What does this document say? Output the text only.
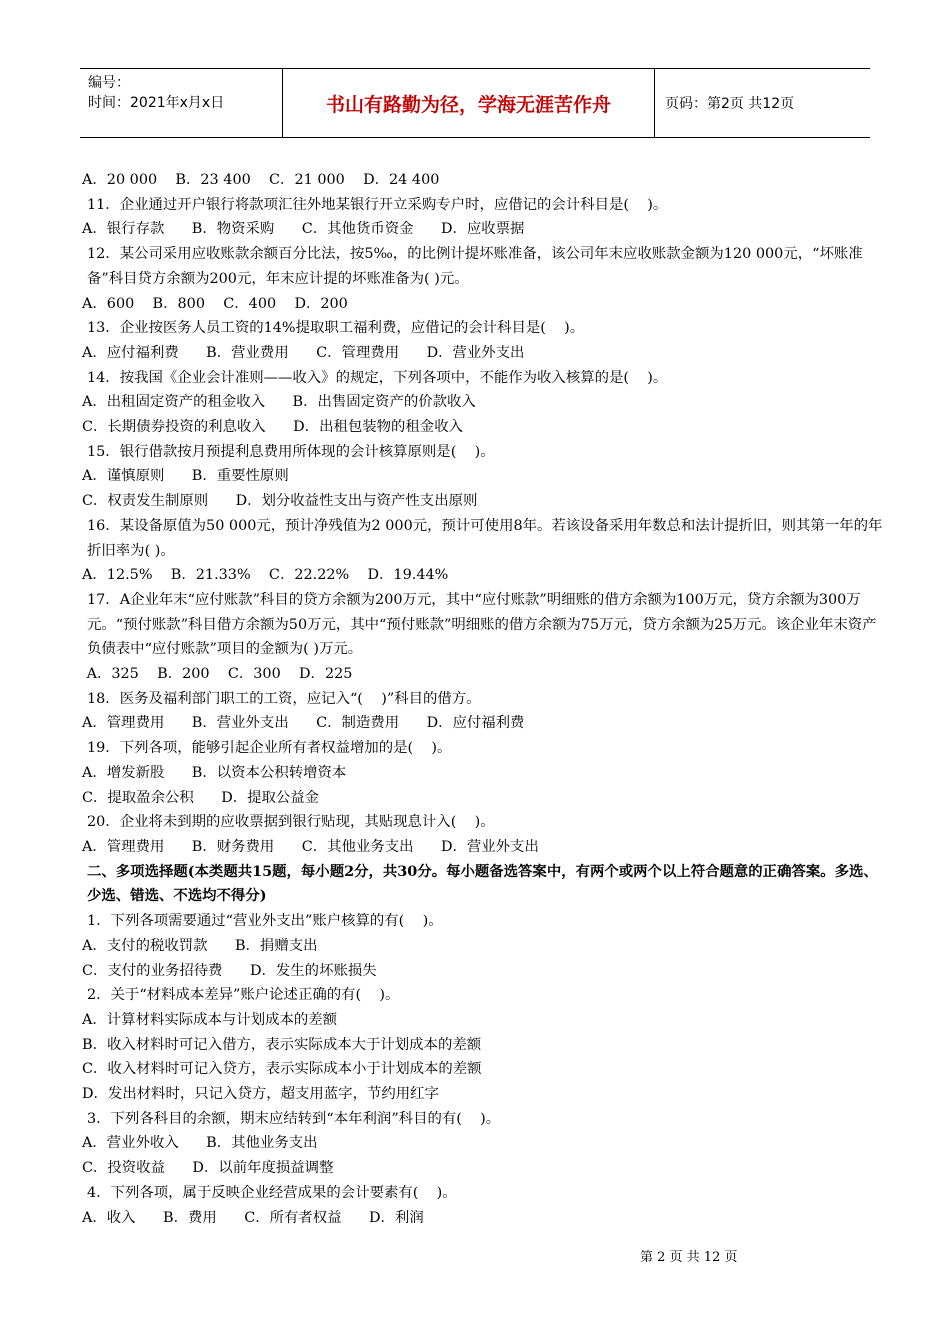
编号：
时间：2021年x月x日	书山有路勤为径，学海无涯苦作舟	页码：第2页 共12页
A．20 000    B．23 400    C．21 000    D．24 400
11．企业通过开户银行将款项汇往外地某银行开立采购专户时，应借记的会计科目是(    )。
A．银行存款      B．物资采购      C．其他货币资金      D．应收票据
12．某公司采用应收账款余额百分比法，按5‰，的比例计提坏账准备，该公司年末应收账款金额为120 000元，“坏账准备”科目贷方余额为200元，年末应计提的坏账准备为( )元。
A．600    B．800    C．400    D．200
13．企业按医务人员工资的14%提取职工福利费，应借记的会计科目是(    )。
A．应付福利费      B．营业费用      C．管理费用      D．营业外支出
14．按我国《企业会计准则——收入》的规定，下列各项中，不能作为收入核算的是(    )。
A．出租固定资产的租金收入      B．出售固定资产的价款收入
C．长期债券投资的利息收入      D．出租包装物的租金收入
15．银行借款按月预提利息费用所体现的会计核算原则是(    )。
A．谨慎原则      B．重要性原则
C．权责发生制原则      D．划分收益性支出与资产性支出原则
16．某设备原值为50 000元，预计净残值为2 000元，预计可使用8年。若该设备采用年数总和法计提折旧，则其第一年的年折旧率为( )。
A．12.5%    B．21.33%    C．22.22%    D．19.44%
17．A企业年末“应付账款”科目的贷方余额为200万元，其中“应付账款”明细账的借方余额为100万元，贷方余额为300万元。“预付账款”科目借方余额为50万元，其中“预付账款”明细账的借方余额为75万元，贷方余额为25万元。该企业年末资产负债表中“应付账款”项目的金额为( )万元。
A．325    B．200    C．300    D．225
18．医务及福利部门职工的工资，应记入“(    )”科目的借方。
A．管理费用      B．营业外支出      C．制造费用      D．应付福利费
19．下列各项，能够引起企业所有者权益增加的是(    )。
A．增发新股      B．以资本公积转增资本
C．提取盈余公积      D．提取公益金
20．企业将未到期的应收票据到银行贴现，其贴现息计入(    )。
A．管理费用      B．财务费用      C．其他业务支出      D．营业外支出
二、多项选择题(本类题共15题，每小题2分，共30分。每小题备选答案中，有两个或两个以上符合题意的正确答案。多选、少选、错选、不选均不得分)
1．下列各项需要通过“营业外支出”账户核算的有(    )。
A．支付的税收罚款      B．捐赠支出
C．支付的业务招待费      D．发生的坏账损失
2．关于“材料成本差异”账户论述正确的有(    )。
A．计算材料实际成本与计划成本的差额
B．收入材料时可记入借方，表示实际成本大于计划成本的差额
C．收入材料时可记入贷方，表示实际成本小于计划成本的差额
D．发出材料时，只记入贷方，超支用蓝字，节约用红字
3．下列各科目的余额，期末应结转到“本年利润”科目的有(    )。
A．营业外收入      B．其他业务支出
C．投资收益      D．以前年度损益调整
4．下列各项，属于反映企业经营成果的会计要素有(    )。
A．收入      B．费用      C．所有者权益      D．利润
第 2 页 共 12 页
